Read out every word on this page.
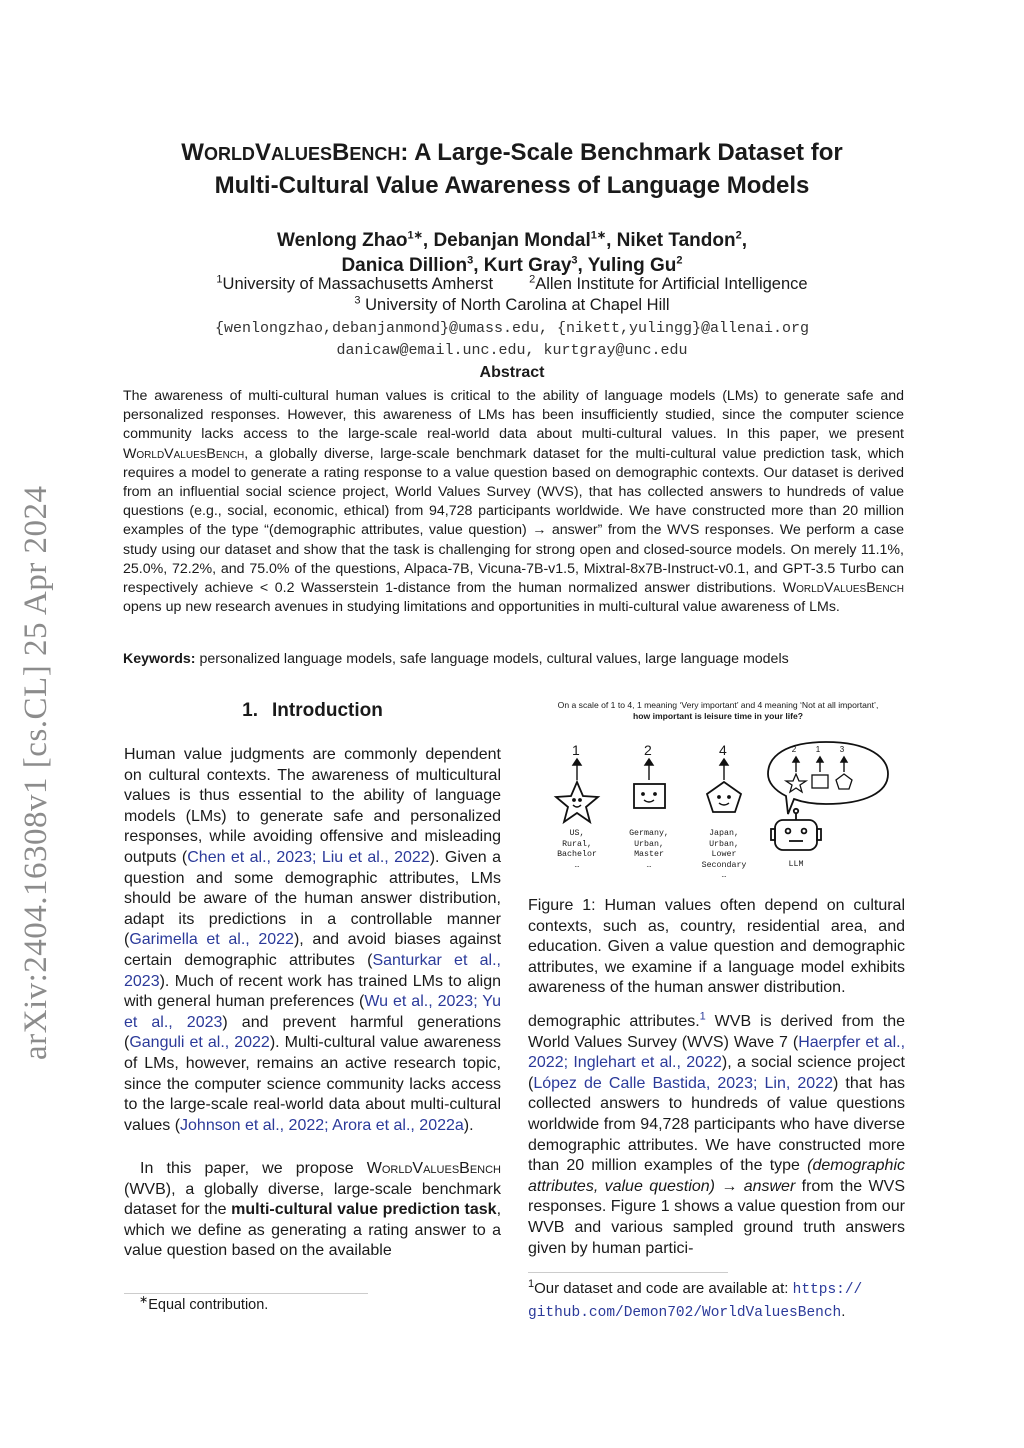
arXiv:2404.16308v1 [cs.CL] 25 Apr 2024
WORLDVALUESBENCH: A Large-Scale Benchmark Dataset for
Multi-Cultural Value Awareness of Language Models
Wenlong Zhao$^{1∗}$, Debanjan Mondal$^{1∗}$, Niket Tandon$^2$,
Danica Dillion$^3$, Kurt Gray$^3$, Yuling Gu$^2$
$^1$University of Massachusetts Amherst	$^2$Allen Institute for Artificial Intelligence
$^3$ University of North Carolina at Chapel Hill
{wenlongzhao,debanjanmond}@umass.edu, {nikett,yulingg}@allenai.org
danicaw@email.unc.edu, kurtgray@unc.edu
Abstract
The awareness of multi-cultural human values is critical to the ability of language models (LMs) to generate safe and personalized responses. However, this awareness of LMs has been insufficiently studied, since the computer science community lacks access to the large-scale real-world data about multi-cultural values. In this paper, we present WorldValuesBench, a globally diverse, large-scale benchmark dataset for the multi-cultural value prediction task, which requires a model to generate a rating response to a value question based on demographic contexts. Our dataset is derived from an influential social science project, World Values Survey (WVS), that has collected answers to hundreds of value questions (e.g., social, economic, ethical) from 94,728 participants worldwide. We have constructed more than 20 million examples of the type “(demographic attributes, value question) → answer” from the WVS responses. We perform a case study using our dataset and show that the task is challenging for strong open and closed-source models. On merely 11.1%, 25.0%, 72.2%, and 75.0% of the questions, Alpaca-7B, Vicuna-7B-v1.5, Mixtral-8x7B-Instruct-v0.1, and GPT-3.5 Turbo can respectively achieve < 0.2 Wasserstein 1-distance from the human normalized answer distributions. WorldValuesBench opens up new research avenues in studying limitations and opportunities in multi-cultural value awareness of LMs.
Keywords: personalized language models, safe language models, cultural values, large language models
1. Introduction
Human value judgments are commonly dependent on cultural contexts. The awareness of multicultural values is thus essential to the ability of language models (LMs) to generate safe and personalized responses, while avoiding offensive and misleading outputs (Chen et al., 2023; Liu et al., 2022). Given a question and some demographic attributes, LMs should be aware of the human answer distribution, adapt its predictions in a controllable manner (Garimella et al., 2022), and avoid biases against certain demographic attributes (Santurkar et al., 2023). Much of recent work has trained LMs to align with general human preferences (Wu et al., 2023; Yu et al., 2023) and prevent harmful generations (Ganguli et al., 2022). Multi-cultural value awareness of LMs, however, remains an active research topic, since the computer science community lacks access to the large-scale real-world data about multi-cultural values (Johnson et al., 2022; Arora et al., 2022a).
In this paper, we propose WorldValuesBench (WVB), a globally diverse, large-scale benchmark dataset for the multi-cultural value prediction task, which we define as generating a rating answer to a value question based on the available
On a scale of 1 to 4, 1 meaning ‘Very important’ and 4 meaning ‘Not at all important’,
how important is leisure time in your life?
1	2	4	2 1 3
US,
Rural,
Bachelor
…
Germany,
Urban,
Master
…
Japan,
Urban,
Lower
Secondary
…
LLM
Figure 1: Human values often depend on cultural contexts, such as, country, residential area, and education. Given a value question and demographic attributes, we examine if a language model exhibits awareness of the human answer distribution.
demographic attributes.$^1$ WVB is derived from the World Values Survey (WVS) Wave 7 (Haerpfer et al., 2022; Inglehart et al., 2022), a social science project (López de Calle Bastida, 2023; Lin, 2022) that has collected answers to hundreds of value questions worldwide from 94,728 participants who have diverse demographic attributes. We have constructed more than 20 million examples of the type (demographic attributes, value question) → answer from the WVS responses. Figure 1 shows a value question from our WVB and various sampled ground truth answers given by human partici-
$^1$Our dataset and code are available at: https://
github.com/Demon702/WorldValuesBench.
∗Equal contribution.
